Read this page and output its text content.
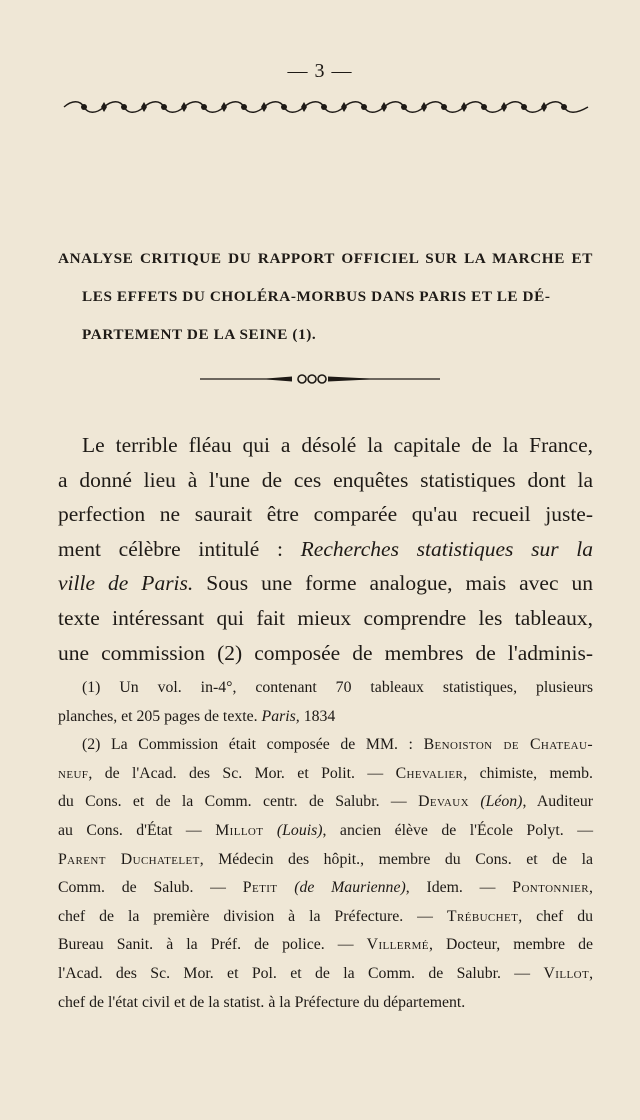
— 3 —
ANALYSE CRITIQUE DU RAPPORT OFFICIEL SUR LA MARCHE ET
LES EFFETS DU CHOLÉRA-MORBUS DANS PARIS ET LE DÉ-
PARTEMENT DE LA SEINE (1).
Le terrible fléau qui a désolé la capitale de la France,
a donné lieu à l'une de ces enquêtes statistiques dont la
perfection ne saurait être comparée qu'au recueil juste-
ment célèbre intitulé : Recherches statistiques sur la
ville de Paris. Sous une forme analogue, mais avec un
texte intéressant qui fait mieux comprendre les tableaux,
une commission (2) composée de membres de l'adminis-
(1) Un vol. in-4°, contenant 70 tableaux statistiques, plusieurs
planches, et 205 pages de texte. Paris, 1834
(2) La Commission était composée de MM. : Benoiston de Chateau-
neuf, de l'Acad. des Sc. Mor. et Polit. — Chevalier, chimiste, memb.
du Cons. et de la Comm. centr. de Salubr. — Devaux (Léon), Auditeur
au Cons. d'État — Millot (Louis), ancien élève de l'École Polyt. —
Parent Duchatelet, Médecin des hôpit., membre du Cons. et de la
Comm. de Salub. — Petit (de Maurienne), Idem. — Pontonnier,
chef de la première division à la Préfecture. — Trébuchet, chef du
Bureau Sanit. à la Préf. de police. — Villermé, Docteur, membre de
l'Acad. des Sc. Mor. et Pol. et de la Comm. de Salubr. — Villot,
chef de l'état civil et de la statist. à la Préfecture du département.
